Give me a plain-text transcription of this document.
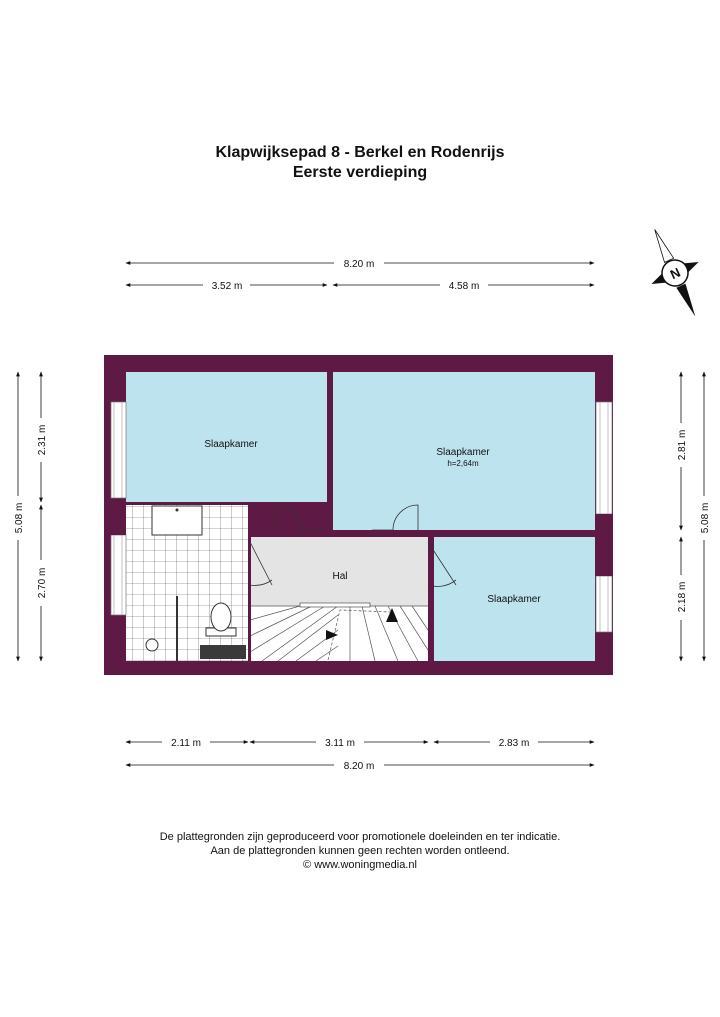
Klapwijksepad 8 - Berkel en Rodenrijs
Eerste verdieping
Slaapkamer
Slaapkamer
h=2,64m
Hal
Slaapkamer
8.20 m
3.52 m	4.58 m
2.11 m	3.11 m	2.83 m
8.20 m
5.08 m
2.31 m
2.70 m
2.81 m
2.18 m
5.08 m
N
De plattegronden zijn geproduceerd voor promotionele doeleinden en ter indicatie.
Aan de plattegronden kunnen geen rechten worden ontleend.
© www.woningmedia.nl
